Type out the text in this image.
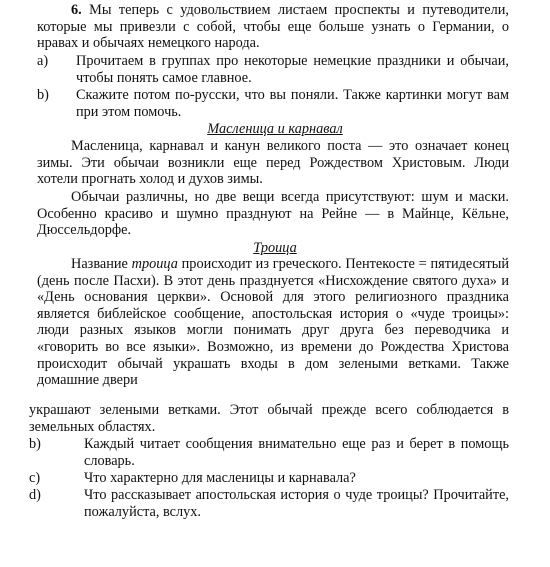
6. Мы теперь с удовольствием листаем проспекты и путеводители, которые мы привезли с собой, чтобы еще больше узнать о Германии, о нравах и обычаях немецкого народа.

a) Прочитаем в группах про некоторые немецкие праздники и обычаи, чтобы понять самое главное.
b) Скажите потом по-русски, что вы поняли. Также картинки могут вам при этом помочь.
Масленица и карнавал

Масленица, карнавал и канун великого поста — это означает конец зимы. Эти обычаи возникли еще перед Рождеством Христовым. Люди хотели прогнать холод и духов зимы.

Обычаи различны, но две вещи всегда присутствуют: шум и маски. Особенно красиво и шумно празднуют на Рейне — в Майнце, Кёльне, Дюссельдорфе.

Троица

Название троица происходит из греческого. Пентекосте = пятидесятый (день после Пасхи). В этот день празднуется «Нисхождение святого духа» и «День основания церкви». Основой для этого религиозного праздника является библейское сообщение, апостольская история о «чуде троицы»: люди разных языков могли понимать друг друга без переводчика и «говорить во все языки». Возможно, из времени до Рождества Христова происходит обычай украшать входы в дом зелеными ветками. Также домашние двери

украшают зелеными ветками. Этот обычай прежде всего соблюдается в земельных областях.

b)	Каждый читает сообщения внимательно еще раз и берет в помощь словарь.
c)	Что характерно для масленицы и карнавала?
d)	Что рассказывает апостольская история о чуде троицы? Прочитайте, пожалуйста, вслух.
